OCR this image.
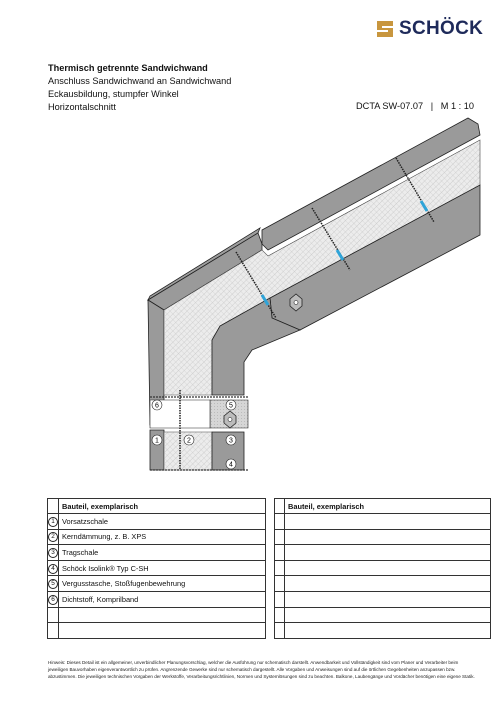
SCHÖCK
Thermisch getrennte Sandwichwand
Anschluss Sandwichwand an Sandwichwand
Eckausbildung, stumpfer Winkel
Horizontalschnitt	DCTA SW-07.07   |   M 1 : 10
6	5
1	2	3
4
	Bauteil, exemplarisch			Bauteil, exemplarisch
1	Vorsatzschale			
2	Kerndämmung, z. B. XPS			
3	Tragschale			
4	Schöck Isolink® Typ C-SH			
5	Vergusstasche, Stoßfugenbewehrung			
6	Dichtstoff, Komprilband			

Hinweis: Dieses Detail ist ein allgemeiner, unverbindlicher Planungsvorschlag, welcher die Ausführung nur schematisch darstellt. Anwendbarkeit und Vollständigkeit sind vom Planer und Verarbeiter beim jeweiligen Bauvorhaben eigenverantwortlich zu prüfen. Angrenzende Gewerke sind nur schematisch dargestellt. Alle Vorgaben und Anweisungen sind auf die örtlichen Gegebenheiten anzupassen bzw. abzustimmen. Die jeweiligen technischen Vorgaben der Werkstoffe, Verarbeitungsrichtlinien, Normen und Systemlösungen sind zu beachten. Balkone, Laubengänge und Vordächer benötigen eine eigene Statik.
